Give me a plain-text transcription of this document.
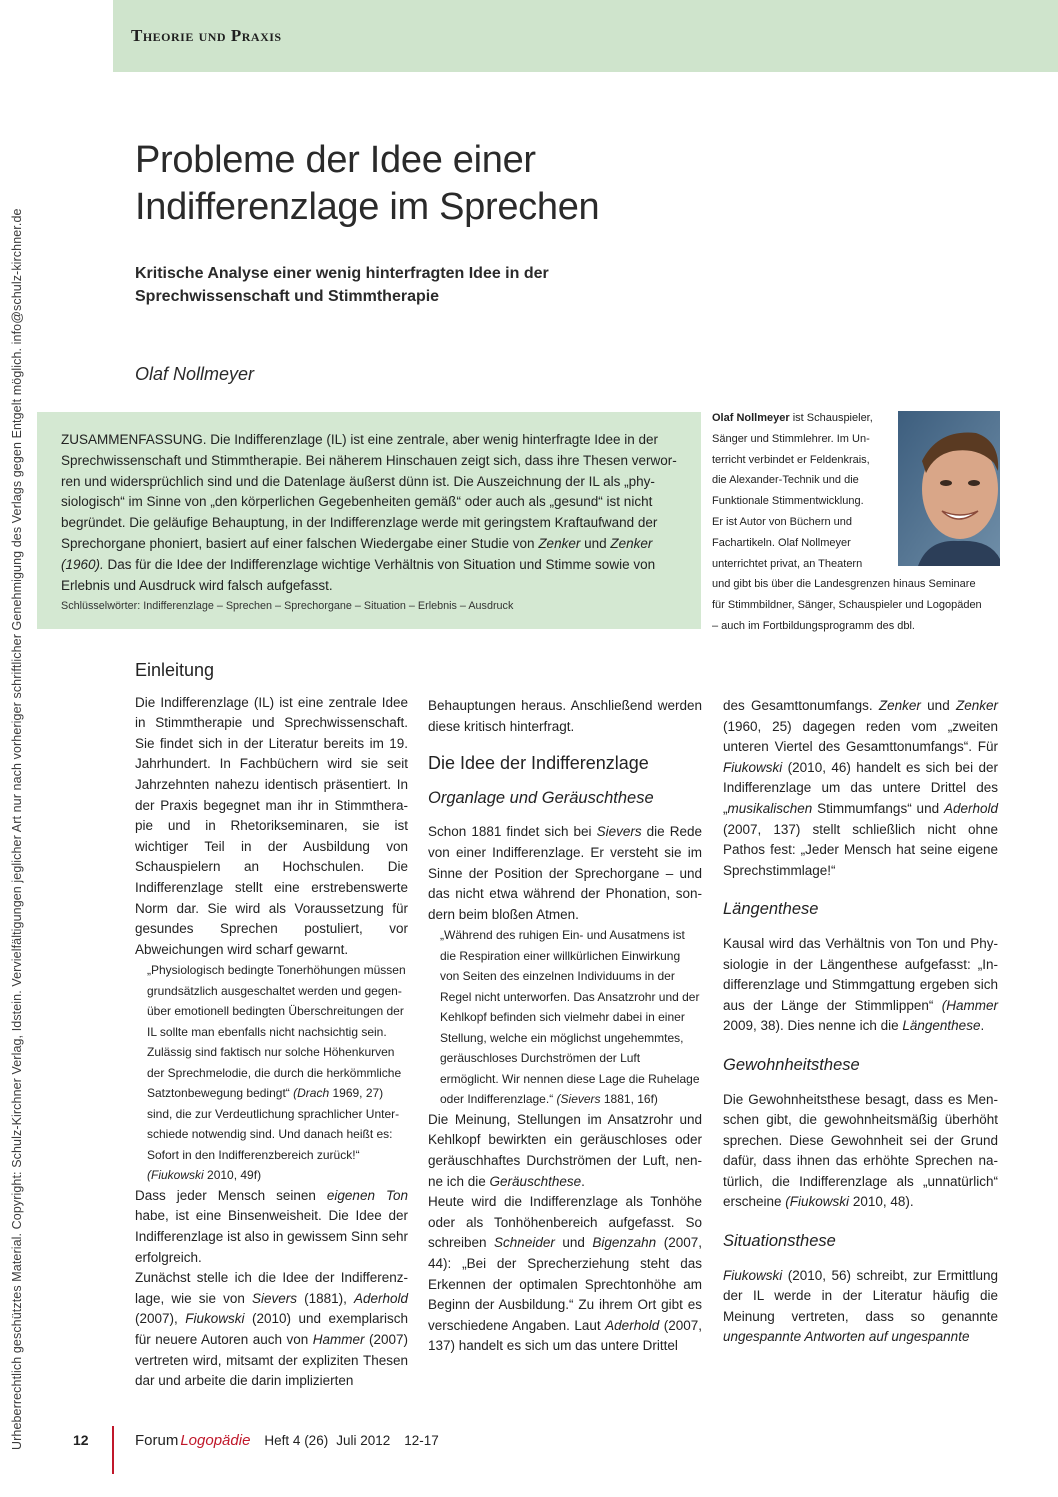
Theorie und Praxis
Urheberrechtlich geschütztes Material. Copyright: Schulz-Kirchner Verlag, Idstein. Vervielfältigungen jeglicher Art nur nach vorheriger schriftlicher Genehmigung des Verlags gegen Entgelt möglich. info@schulz-kirchner.de
Probleme der Idee einer
Indifferenzlage im Sprechen
Kritische Analyse einer wenig hinterfragten Idee in der
Sprechwissenschaft und Stimmtherapie
Olaf Nollmeyer

ZUSAMMENFASSUNG. Die Indifferenzlage (IL) ist eine zentrale, aber wenig hinterfragte Idee in der

Sprechwissenschaft und Stimmtherapie. Bei näherem Hinschauen zeigt sich, dass ihre Thesen verwor-

ren und widersprüchlich sind und die Datenlage äußerst dünn ist. Die Auszeichnung der IL als „phy-

siologisch“ im Sinne von „den körperlichen Gegebenheiten gemäß“ oder auch als „gesund“ ist nicht

begründet. Die geläufige Behauptung, in der Indifferenzlage werde mit geringstem Kraftaufwand der

Sprechorgane phoniert, basiert auf einer falschen Wiedergabe einer Studie von Zenker und Zenker

(1960). Das für die Idee der Indifferenzlage wichtige Verhältnis von Situation und Stimme sowie von

Erlebnis und Ausdruck wird falsch aufgefasst.

Schlüsselwörter: Indifferenzlage – Sprechen – Sprechorgane – Situation – Erlebnis – Ausdruck

Olaf Nollmeyer ist Schauspieler,
Sänger und Stimmlehrer. Im Un-
terricht verbindet er Feldenkrais,
die Alexander-Technik und die
Funktionale Stimmentwicklung.
Er ist Autor von Büchern und
Fachartikeln. Olaf Nollmeyer
unterrichtet privat, an Theatern
und gibt bis über die Landesgrenzen hinaus Seminare
für Stimmbildner, Sänger, Schauspieler und Logopäden
– auch im Fortbildungsprogramm des dbl.
Einleitung

Die Indifferenzlage (IL) ist eine zentrale Idee in Stimmtherapie und Sprechwissenschaft. Sie findet sich in der Literatur bereits im 19. Jahrhundert. In Fachbüchern wird sie seit Jahrzehnten nahezu identisch präsentiert. In der Praxis begegnet man ihr in Stimmtherapie und in Rhetorikseminaren, sie ist wichtiger Teil in der Ausbildung von Schauspielern an Hochschulen. Die Indifferenzlage stellt eine erstrebenswerte Norm dar. Sie wird als Voraussetzung für gesundes Sprechen postuliert, vor Abweichungen wird scharf gewarnt.

„Physiologisch bedingte Tonerhöhungen müssen grundsätzlich ausgeschaltet werden und gegenüber emotionell bedingten Überschreitungen der IL sollte man ebenfalls nicht nachsichtig sein. Zulässig sind faktisch nur solche Höhenkurven der Sprechmelodie, die durch die herkömmliche Satztonbewegung bedingt“ (Drach 1969, 27) sind, die zur Verdeutlichung sprachlicher Unterschiede notwendig sind. Und danach heißt es: Sofort in den Indifferenzbereich zurück!“
(Fiukowski 2010, 49f)

Dass jeder Mensch seinen eigenen Ton habe, ist eine Binsenweisheit. Die Idee der Indifferenzlage ist also in gewissem Sinn sehr erfolgreich.

Zunächst stelle ich die Idee der Indifferenzlage, wie sie von Sievers (1881), Aderhold (2007), Fiukowski (2010) und exemplarisch für neuere Autoren auch von Hammer (2007) vertreten wird, mitsamt der expliziten Thesen dar und arbeite die darin implizierten

Behauptungen heraus. Anschließend werden diese kritisch hinterfragt.

Die Idee der Indifferenzlage
Organlage und Geräuschthese

Schon 1881 findet sich bei Sievers die Rede von einer Indifferenzlage. Er versteht sie im Sinne der Position der Sprechorgane – und das nicht etwa während der Phonation, sondern beim bloßen Atmen.

„Während des ruhigen Ein- und Ausatmens ist die Respiration einer willkürlichen Einwirkung von Seiten des einzelnen Individuums in der Regel nicht unterworfen. Das Ansatzrohr und der Kehlkopf befinden sich vielmehr dabei in einer Stellung, welche ein möglichst ungehemmtes, geräuschloses Durchströmen der Luft ermöglicht. Wir nennen diese Lage die Ruhelage oder Indifferenzlage.“ (Sievers 1881, 16f)

Die Meinung, Stellungen im Ansatzrohr und Kehlkopf bewirkten ein geräuschloses oder geräuschhaftes Durchströmen der Luft, nenne ich die Geräuschthese.

Heute wird die Indifferenzlage als Tonhöhe oder als Tonhöhenbereich aufgefasst. So schreiben Schneider und Bigenzahn (2007, 44): „Bei der Sprecherziehung steht das Erkennen der optimalen Sprechtonhöhe am Beginn der Ausbildung.“ Zu ihrem Ort gibt es verschiedene Angaben. Laut Aderhold (2007, 137) handelt es sich um das untere Drittel

des Gesamttonumfangs. Zenker und Zenker (1960, 25) dagegen reden vom „zweiten unteren Viertel des Gesamttonumfangs“. Für Fiukowski (2010, 46) handelt es sich bei der Indifferenzlage um das untere Drittel des „musikalischen Stimmumfangs“ und Aderhold (2007, 137) stellt schließlich nicht ohne Pathos fest: „Jeder Mensch hat seine eigene Sprechstimmlage!“

Längenthese

Kausal wird das Verhältnis von Ton und Physiologie in der Längenthese aufgefasst: „Indifferenzlage und Stimmgattung ergeben sich aus der Länge der Stimmlippen“ (Hammer 2009, 38). Dies nenne ich die Längenthese.

Gewohnheitsthese

Die Gewohnheitsthese besagt, dass es Menschen gibt, die gewohnheitsmäßig überhöht sprechen. Diese Gewohnheit sei der Grund dafür, dass ihnen das erhöhte Sprechen natürlich, die Indifferenzlage als „unnatürlich“ erscheine (Fiukowski 2010, 48).

Situationsthese

Fiukowski (2010, 56) schreibt, zur Ermittlung der IL werde in der Literatur häufig die Meinung vertreten, dass so genannte ungespannte Antworten auf ungespannte

12	Forum Logopädie Heft 4 (26) Juli 2012 12-17
